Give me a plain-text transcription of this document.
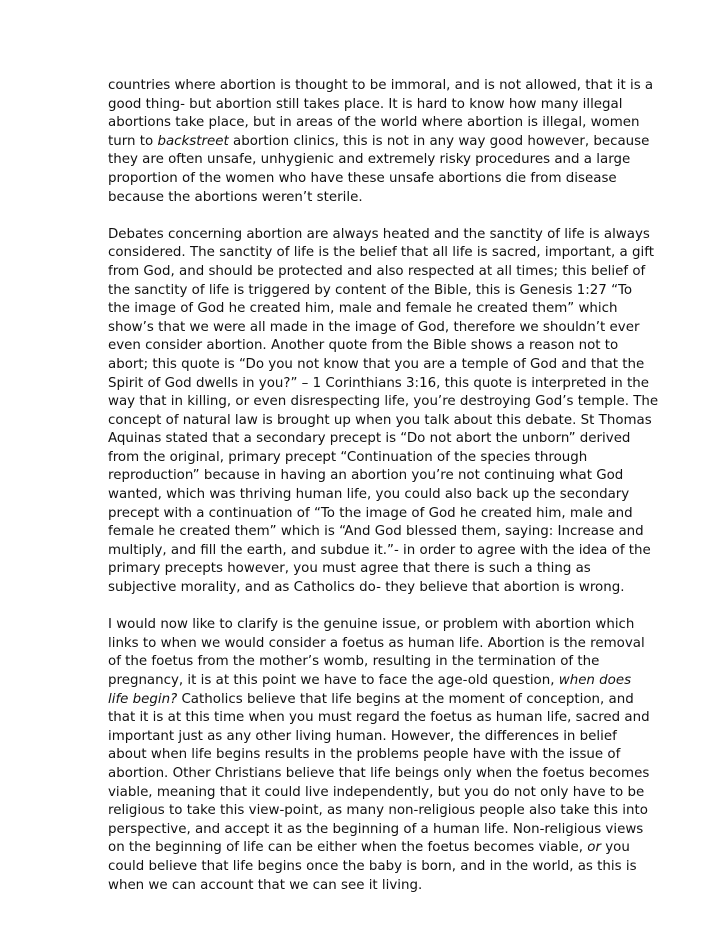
countries where abortion is thought to be immoral, and is not allowed, that it is a
good thing- but abortion still takes place. It is hard to know how many illegal
abortions take place, but in areas of the world where abortion is illegal, women
turn to backstreet abortion clinics, this is not in any way good however, because
they are often unsafe, unhygienic and extremely risky procedures and a large
proportion of the women who have these unsafe abortions die from disease
because the abortions weren’t sterile.
Debates concerning abortion are always heated and the sanctity of life is always
considered. The sanctity of life is the belief that all life is sacred, important, a gift
from God, and should be protected and also respected at all times; this belief of
the sanctity of life is triggered by content of the Bible, this is Genesis 1:27 “To
the image of God he created him, male and female he created them” which
show’s that we were all made in the image of God, therefore we shouldn’t ever
even consider abortion. Another quote from the Bible shows a reason not to
abort; this quote is “Do you not know that you are a temple of God and that the
Spirit of God dwells in you?” – 1 Corinthians 3:16, this quote is interpreted in the
way that in killing, or even disrespecting life, you’re destroying God’s temple. The
concept of natural law is brought up when you talk about this debate. St Thomas
Aquinas stated that a secondary precept is “Do not abort the unborn” derived
from the original, primary precept “Continuation of the species through
reproduction” because in having an abortion you’re not continuing what God
wanted, which was thriving human life, you could also back up the secondary
precept with a continuation of “To the image of God he created him, male and
female he created them” which is “And God blessed them, saying: Increase and
multiply, and fill the earth, and subdue it.”- in order to agree with the idea of the
primary precepts however, you must agree that there is such a thing as
subjective morality, and as Catholics do- they believe that abortion is wrong.
I would now like to clarify is the genuine issue, or problem with abortion which
links to when we would consider a foetus as human life. Abortion is the removal
of the foetus from the mother’s womb, resulting in the termination of the
pregnancy, it is at this point we have to face the age-old question, when does
life begin? Catholics believe that life begins at the moment of conception, and
that it is at this time when you must regard the foetus as human life, sacred and
important just as any other living human. However, the differences in belief
about when life begins results in the problems people have with the issue of
abortion. Other Christians believe that life beings only when the foetus becomes
viable, meaning that it could live independently, but you do not only have to be
religious to take this view-point, as many non-religious people also take this into
perspective, and accept it as the beginning of a human life. Non-religious views
on the beginning of life can be either when the foetus becomes viable, or you
could believe that life begins once the baby is born, and in the world, as this is
when we can account that we can see it living.
